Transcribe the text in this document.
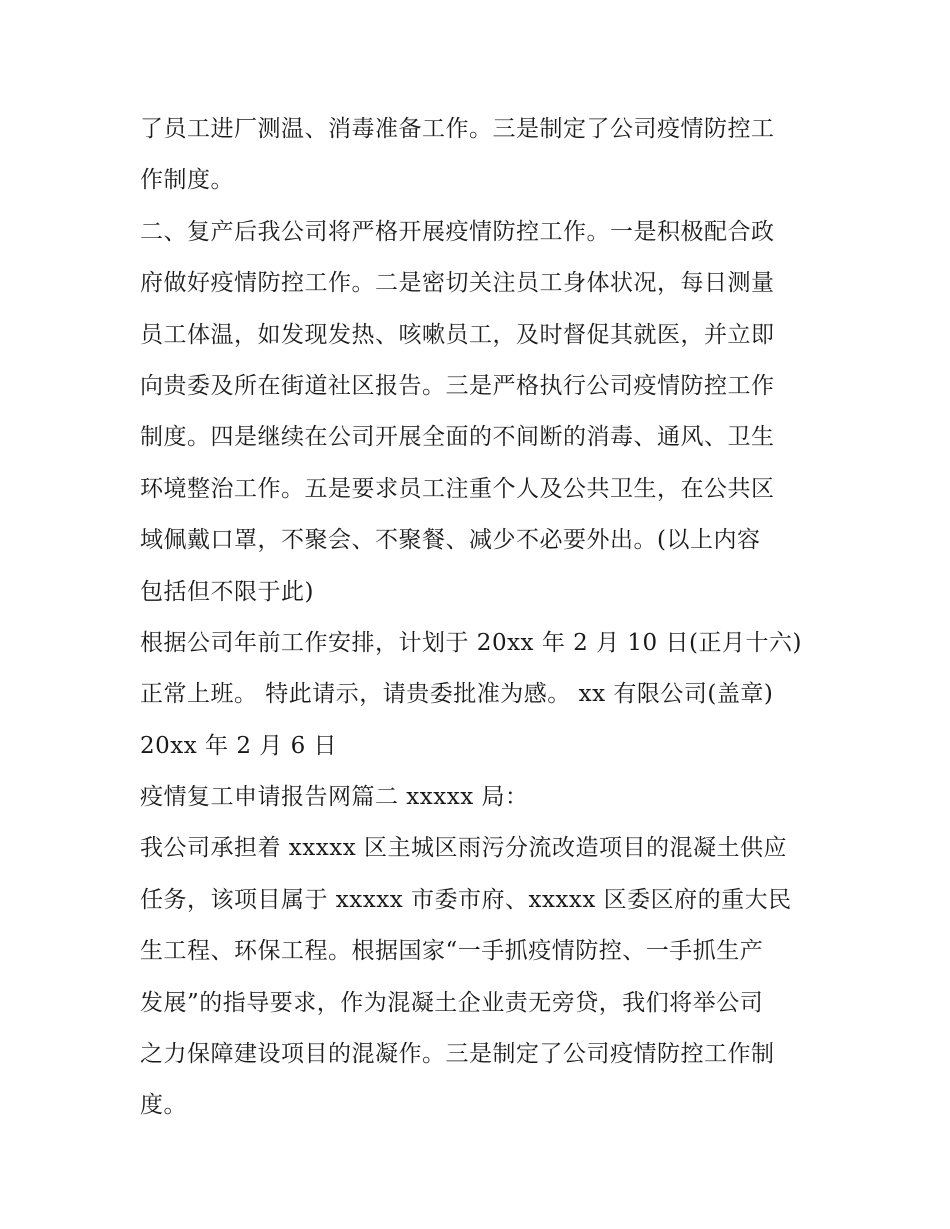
了员工进厂测温、消毒准备工作。三是制定了公司疫情防控工
作制度。
二、复产后我公司将严格开展疫情防控工作。一是积极配合政
府做好疫情防控工作。二是密切关注员工身体状况，每日测量
员工体温，如发现发热、咳嗽员工，及时督促其就医，并立即
向贵委及所在街道社区报告。三是严格执行公司疫情防控工作
制度。四是继续在公司开展全面的不间断的消毒、通风、卫生
环境整治工作。五是要求员工注重个人及公共卫生，在公共区
域佩戴口罩，不聚会、不聚餐、减少不必要外出。(以上内容
包括但不限于此)
根据公司年前工作安排，计划于 20xx 年 2 月 10 日(正月十六)
正常上班。 特此请示，请贵委批准为感。 xx 有限公司(盖章)
20xx 年 2 月 6 日
疫情复工申请报告网篇二 xxxxx 局：
我公司承担着 xxxxx 区主城区雨污分流改造项目的混凝土供应
任务，该项目属于 xxxxx 市委市府、xxxxx 区委区府的重大民
生工程、环保工程。根据国家“一手抓疫情防控、一手抓生产
发展”的指导要求，作为混凝土企业责无旁贷，我们将举公司
之力保障建设项目的混凝作。三是制定了公司疫情防控工作制
度。
